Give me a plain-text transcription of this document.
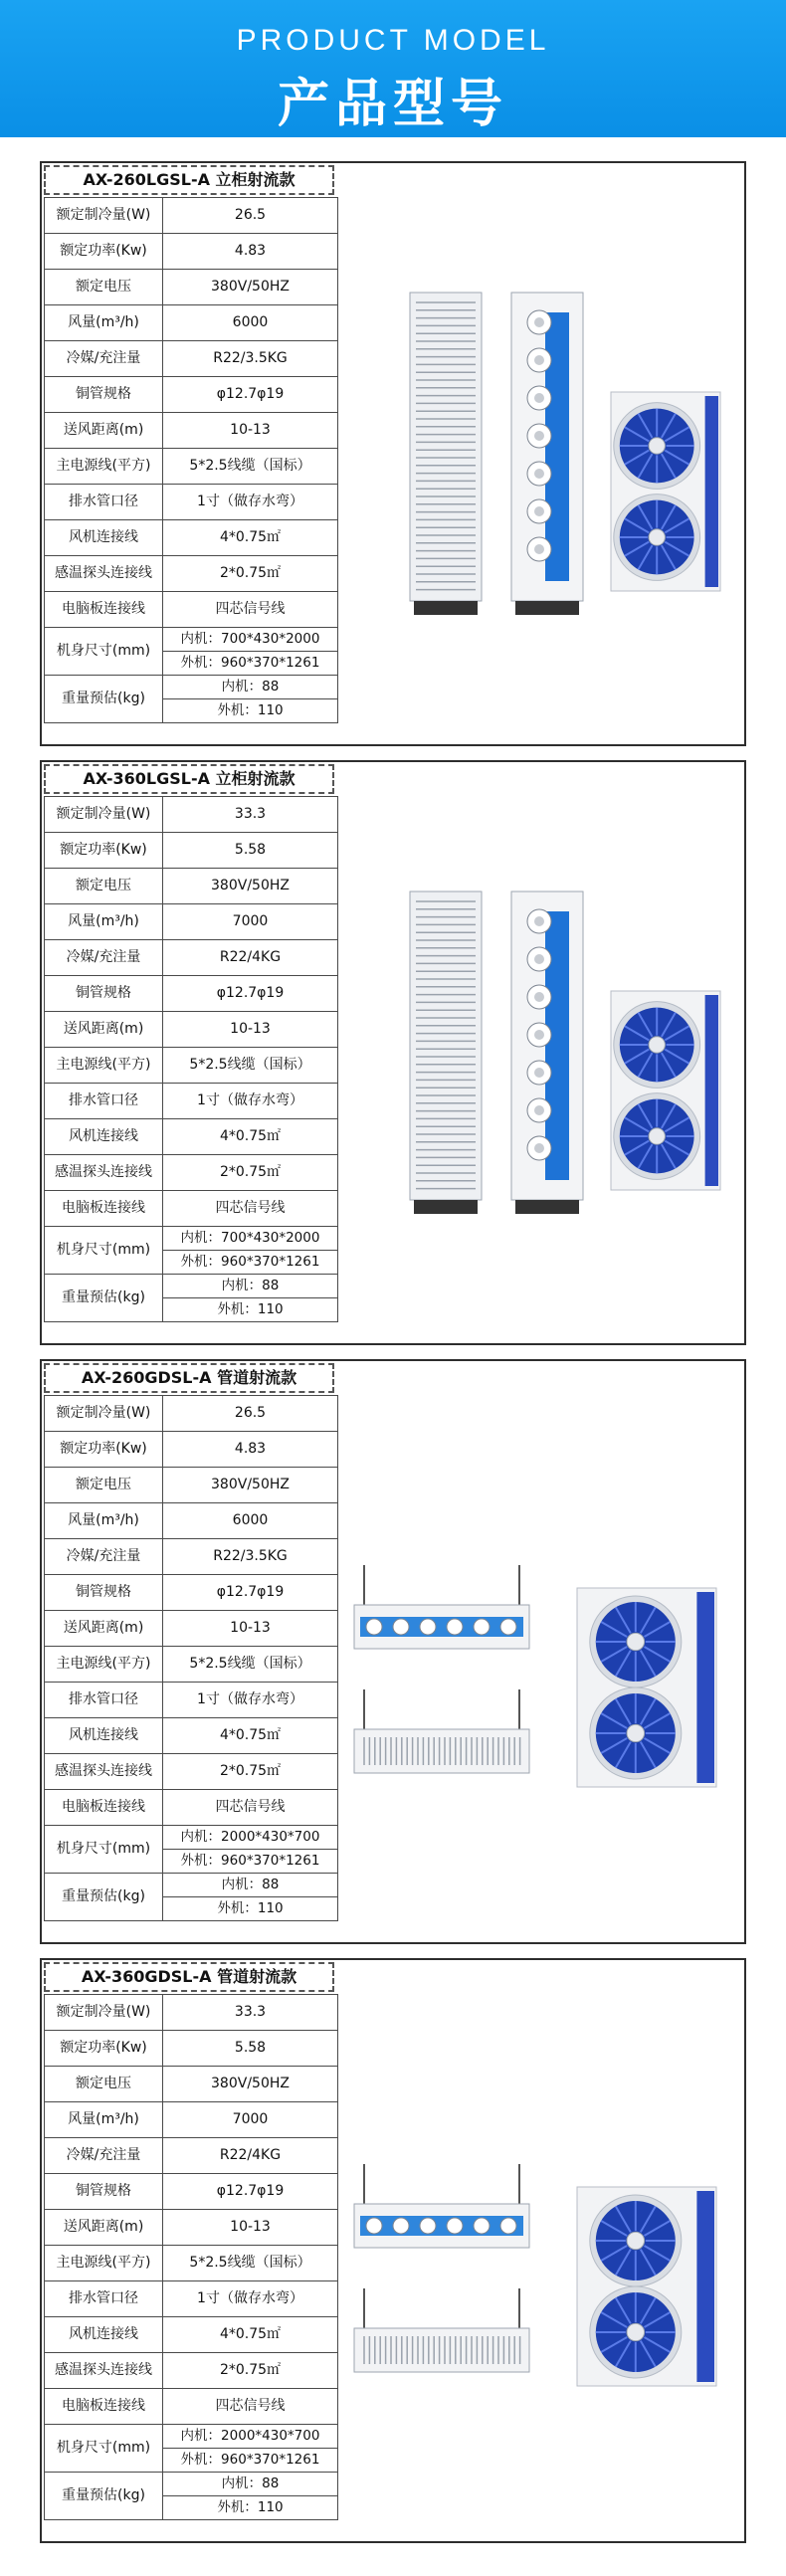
PRODUCT MODEL
产品型号
AX-260LGSL-A 立柜射流款
额定制冷量(W)	26.5
额定功率(Kw)	4.83
额定电压	380V/50HZ
风量(m³/h)	6000
冷媒/充注量	R22/3.5KG
铜管规格	φ12.7φ19
送风距离(m)	10-13
主电源线(平方)	5*2.5线缆（国标）
排水管口径	1寸（做存水弯）
风机连接线	4*0.75㎡
感温探头连接线	2*0.75㎡
电脑板连接线	四芯信号线
机身尺寸(mm)	内机：700*430*2000
	外机：960*370*1261
重量预估(kg)	内机：88
	外机：110
AX-360LGSL-A 立柜射流款
额定制冷量(W)	33.3
额定功率(Kw)	5.58
额定电压	380V/50HZ
风量(m³/h)	7000
冷媒/充注量	R22/4KG
铜管规格	φ12.7φ19
送风距离(m)	10-13
主电源线(平方)	5*2.5线缆（国标）
排水管口径	1寸（做存水弯）
风机连接线	4*0.75㎡
感温探头连接线	2*0.75㎡
电脑板连接线	四芯信号线
机身尺寸(mm)	内机：700*430*2000
	外机：960*370*1261
重量预估(kg)	内机：88
	外机：110
AX-260GDSL-A 管道射流款
额定制冷量(W)	26.5
额定功率(Kw)	4.83
额定电压	380V/50HZ
风量(m³/h)	6000
冷媒/充注量	R22/3.5KG
铜管规格	φ12.7φ19
送风距离(m)	10-13
主电源线(平方)	5*2.5线缆（国标）
排水管口径	1寸（做存水弯）
风机连接线	4*0.75㎡
感温探头连接线	2*0.75㎡
电脑板连接线	四芯信号线
机身尺寸(mm)	内机：2000*430*700
	外机：960*370*1261
重量预估(kg)	内机：88
	外机：110
AX-360GDSL-A 管道射流款
额定制冷量(W)	33.3
额定功率(Kw)	5.58
额定电压	380V/50HZ
风量(m³/h)	7000
冷媒/充注量	R22/4KG
铜管规格	φ12.7φ19
送风距离(m)	10-13
主电源线(平方)	5*2.5线缆（国标）
排水管口径	1寸（做存水弯）
风机连接线	4*0.75㎡
感温探头连接线	2*0.75㎡
电脑板连接线	四芯信号线
机身尺寸(mm)	内机：2000*430*700
	外机：960*370*1261
重量预估(kg)	内机：88
	外机：110
